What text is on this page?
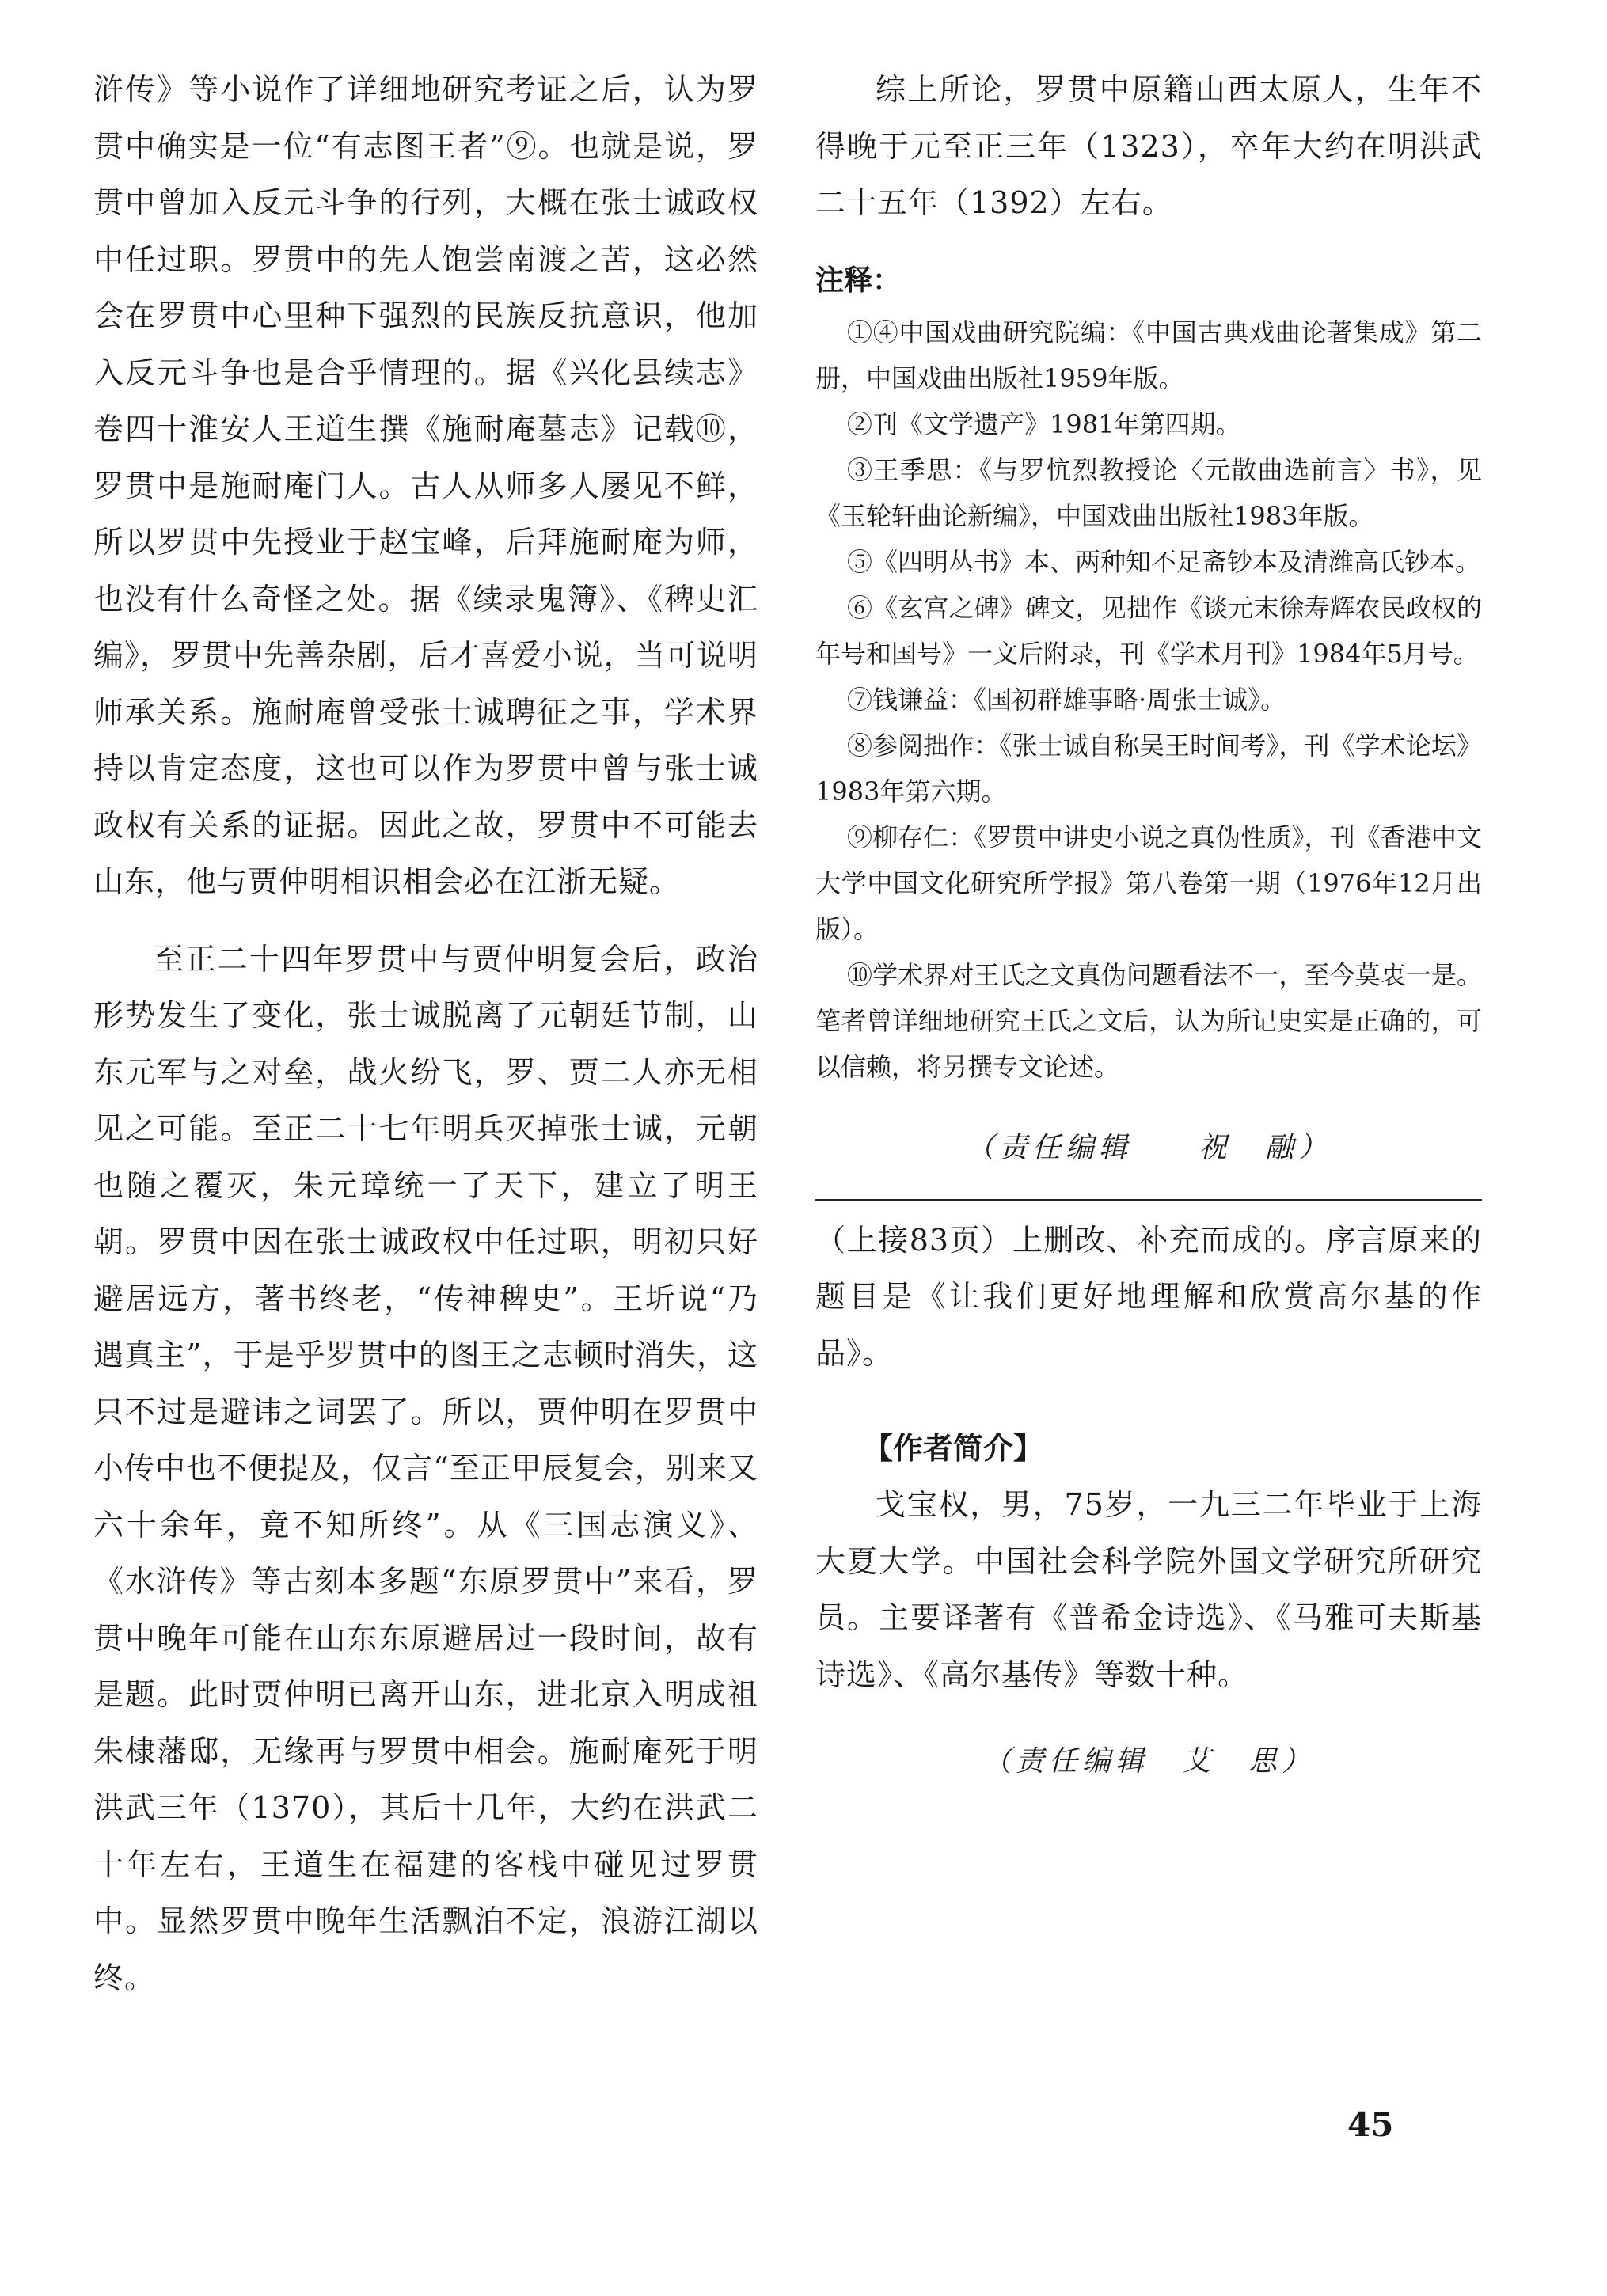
浒传》等小说作了详细地研究考证之后，认为罗贯中确实是一位“有志图王者”⑨。也就是说，罗贯中曾加入反元斗争的行列，大概在张士诚政权中任过职。罗贯中的先人饱尝南渡之苦，这必然会在罗贯中心里种下强烈的民族反抗意识，他加入反元斗争也是合乎情理的。据《兴化县续志》卷四十淮安人王道生撰《施耐庵墓志》记载⑩，罗贯中是施耐庵门人。古人从师多人屡见不鲜，所以罗贯中先授业于赵宝峰，后拜施耐庵为师，也没有什么奇怪之处。据《续录鬼簿》、《稗史汇编》，罗贯中先善杂剧，后才喜爱小说，当可说明师承关系。施耐庵曾受张士诚聘征之事，学术界持以肯定态度，这也可以作为罗贯中曾与张士诚政权有关系的证据。因此之故，罗贯中不可能去山东，他与贾仲明相识相会必在江浙无疑。

至正二十四年罗贯中与贾仲明复会后，政治形势发生了变化，张士诚脱离了元朝廷节制，山东元军与之对垒，战火纷飞，罗、贾二人亦无相见之可能。至正二十七年明兵灭掉张士诚，元朝也随之覆灭，朱元璋统一了天下，建立了明王朝。罗贯中因在张士诚政权中任过职，明初只好避居远方，著书终老，“传神稗史”。王圻说“乃遇真主”，于是乎罗贯中的图王之志顿时消失，这只不过是避讳之词罢了。所以，贾仲明在罗贯中小传中也不便提及，仅言“至正甲辰复会，别来又六十余年，竟不知所终”。从《三国志演义》、《水浒传》等古刻本多题“东原罗贯中”来看，罗贯中晚年可能在山东东原避居过一段时间，故有是题。此时贾仲明已离开山东，进北京入明成祖朱棣藩邸，无缘再与罗贯中相会。施耐庵死于明洪武三年（1370），其后十几年，大约在洪武二十年左右，王道生在福建的客栈中碰见过罗贯中。显然罗贯中晚年生活飘泊不定，浪游江湖以终。

综上所论，罗贯中原籍山西太原人，生年不得晚于元至正三年（1323），卒年大约在明洪武二十五年（1392）左右。

注释：

①④中国戏曲研究院编：《中国古典戏曲论著集成》第二册，中国戏曲出版社1959年版。

②刊《文学遗产》1981年第四期。

③王季思：《与罗忼烈教授论〈元散曲选前言〉书》，见《玉轮轩曲论新编》，中国戏曲出版社1983年版。

⑤《四明丛书》本、两种知不足斋钞本及清潍高氏钞本。

⑥《玄宫之碑》碑文，见拙作《谈元末徐寿辉农民政权的年号和国号》一文后附录，刊《学术月刊》1984年5月号。

⑦钱谦益：《国初群雄事略·周张士诚》。

⑧参阅拙作：《张士诚自称吴王时间考》，刊《学术论坛》1983年第六期。

⑨柳存仁：《罗贯中讲史小说之真伪性质》，刊《香港中文大学中国文化研究所学报》第八卷第一期（1976年12月出版）。

⑩学术界对王氏之文真伪问题看法不一，至今莫衷一是。笔者曾详细地研究王氏之文后，认为所记史实是正确的，可以信赖，将另撰专文论述。

（责任编辑　　祝　融）

（上接83页）上删改、补充而成的。序言原来的题目是《让我们更好地理解和欣赏高尔基的作品》。

【作者简介】

戈宝权，男，75岁，一九三二年毕业于上海大夏大学。中国社会科学院外国文学研究所研究员。主要译著有《普希金诗选》、《马雅可夫斯基诗选》、《高尔基传》等数十种。

（责任编辑　艾　思）
45
